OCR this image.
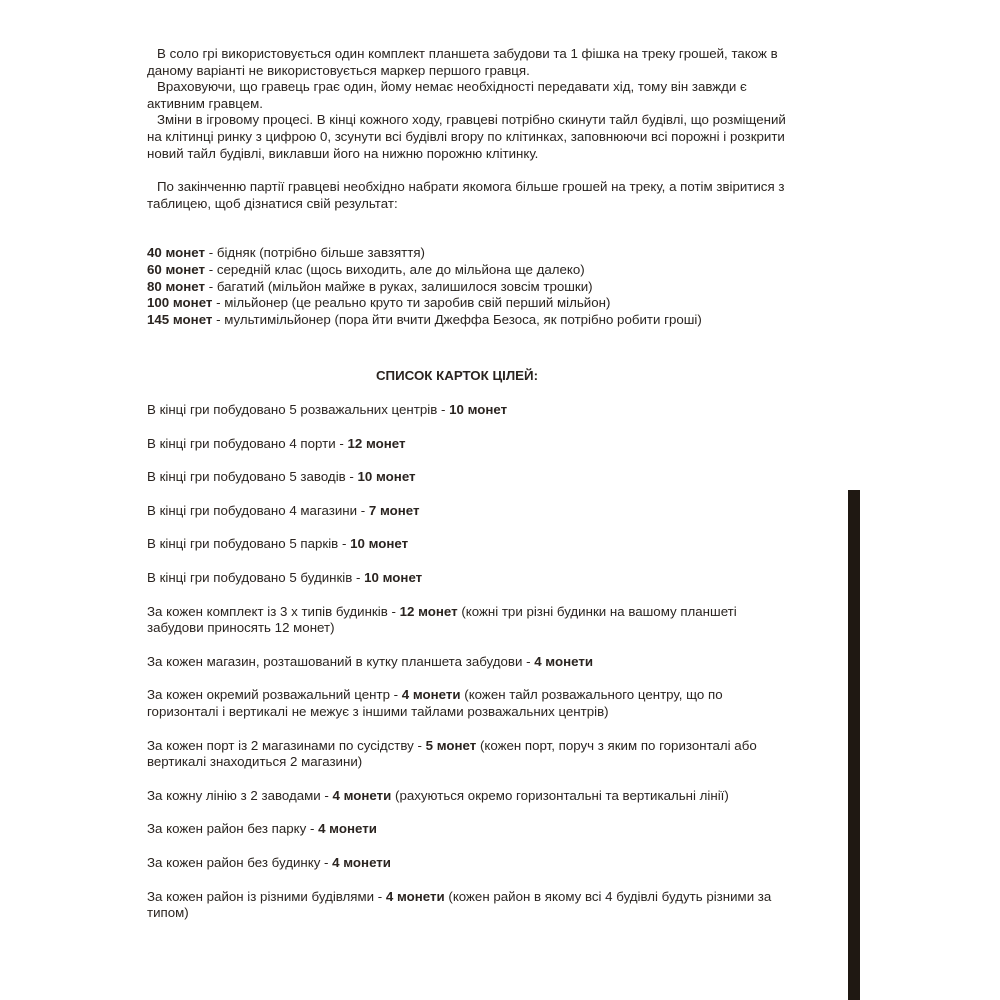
В соло грі використовується один комплект планшета забудови та 1 фішка на треку грошей, також в даному варіанті не використовується маркер першого гравця.

Враховуючи, що гравець грає один, йому немає необхідності передавати хід, тому він завжди є активним гравцем.

Зміни в ігровому процесі. В кінці кожного ходу, гравцеві потрібно скинути тайл будівлі, що розміщений на клітинці ринку з цифрою 0, зсунути всі будівлі вгору по клітинках, заповнюючи всі порожні і розкрити новий тайл будівлі, виклавши його на нижню порожню клітинку.

По закінченню партії гравцеві необхідно набрати якомога більше грошей на треку, а потім звіритися з таблицею, щоб дізнатися свій результат:

40 монет - бідняк (потрібно більше завзяття)
60 монет - середній клас (щось виходить, але до мільйона ще далеко)
80 монет - багатий (мільйон майже в руках, залишилося зовсім трошки)
100 монет - мільйонер (це реально круто ти заробив свій перший мільйон)
145 монет - мультимільйонер (пора йти вчити Джеффа Безоса, як потрібно робити гроші)
СПИСОК КАРТОК ЦІЛЕЙ:
В кінці гри побудовано 5 розважальних центрів - 10 монет
В кінці гри побудовано 4 порти - 12 монет
В кінці гри побудовано 5 заводів - 10 монет
В кінці гри побудовано 4 магазини - 7 монет
В кінці гри побудовано 5 парків - 10 монет
В кінці гри побудовано 5 будинків - 10 монет
За кожен комплект із 3 х типів будинків - 12 монет (кожні три різні будинки на вашому планшеті забудови приносять 12 монет)
За кожен магазин, розташований в кутку планшета забудови - 4 монети
За кожен окремий розважальний центр - 4 монети (кожен тайл розважального центру, що по горизонталі і вертикалі не межує з іншими тайлами розважальних центрів)
За кожен порт із 2 магазинами по сусідству - 5 монет (кожен порт, поруч з яким по горизонталі або вертикалі знаходиться 2 магазини)
За кожну лінію з 2 заводами - 4 монети (рахуються окремо горизонтальні та вертикальні лінії)
За кожен район без парку - 4 монети
За кожен район без будинку - 4 монети
За кожен район із різними будівлями - 4 монети (кожен район в якому всі 4 будівлі будуть різними за типом)
